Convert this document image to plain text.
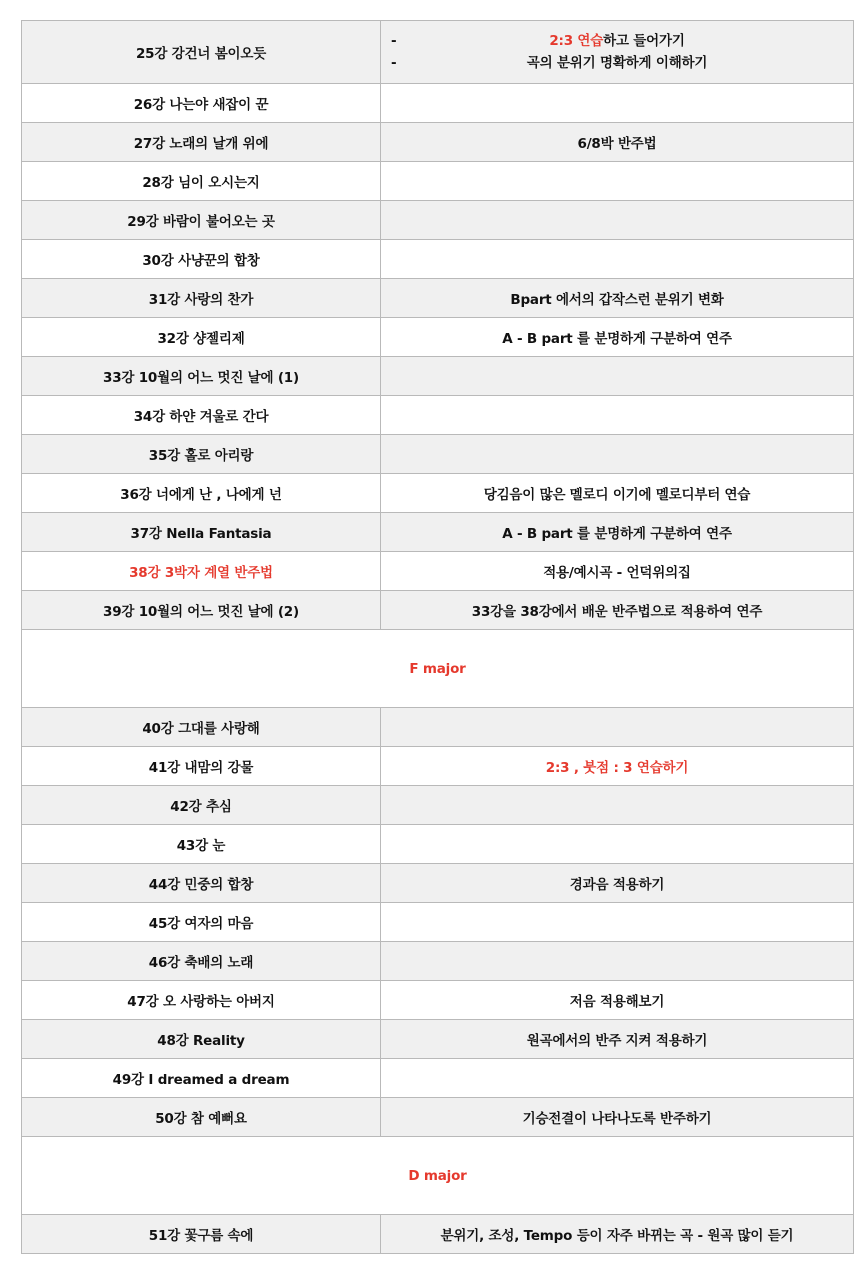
25강 강건너 봄이오듯	- 2:3 연습하고 들어가기
- 곡의 분위기 명확하게 이해하기

26강 나는야 새잡이 꾼	
27강 노래의 날개 위에	6/8박 반주법
28강 님이 오시는지	
29강 바람이 불어오는 곳	
30강 사냥꾼의 합창	
31강 사랑의 찬가	Bpart 에서의 갑작스런 분위기 변화
32강 샹젤리제	A - B part 를 분명하게 구분하여 연주
33강 10월의 어느 멋진 날에 (1)	
34강 하얀 겨울로 간다	
35강 홀로 아리랑	
36강 너에게 난 , 나에게 넌	당김음이 많은 멜로디 이기에 멜로디부터 연습
37강 Nella Fantasia	A - B part 를 분명하게 구분하여 연주
38강 3박자 계열 반주법	적용/예시곡 - 언덕위의집
39강 10월의 어느 멋진 날에 (2)	33강을 38강에서 배운 반주법으로 적용하여 연주
F major	
40강 그대를 사랑해	
41강 내맘의 강물	2:3 , 붓점 : 3 연습하기
42강 추심	
43강 눈	
44강 민중의 합창	경과음 적용하기
45강 여자의 마음	
46강 축배의 노래	
47강 오 사랑하는 아버지	저음 적용해보기
48강 Reality	원곡에서의 반주 지켜 적용하기
49강 I dreamed a dream	
50강 참 예뻐요	기승전결이 나타나도록 반주하기
D major	
51강 꽃구름 속에	분위기, 조성, Tempo 등이 자주 바뀌는 곡 - 원곡 많이 듣기
